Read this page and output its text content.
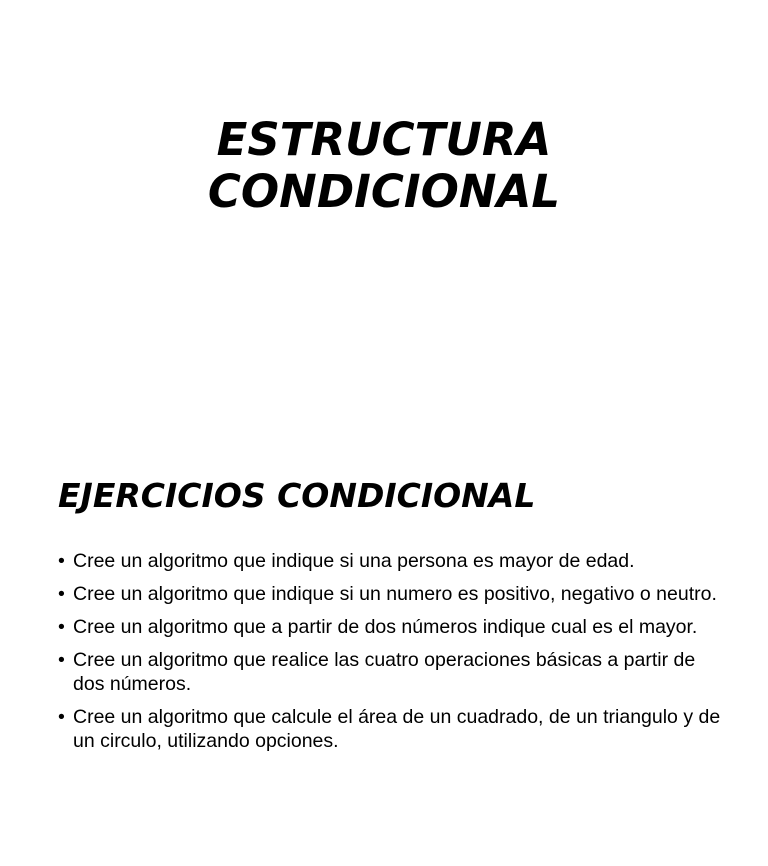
ESTRUCTURA
CONDICIONAL
EJERCICIOS CONDICIONAL
• Cree un algoritmo que indique si una persona es mayor de edad.
• Cree un algoritmo que indique si un numero es positivo, negativo o neutro.
• Cree un algoritmo que a partir de dos números indique cual es el mayor.
• Cree un algoritmo que realice las cuatro operaciones básicas a partir de dos números.
• Cree un algoritmo que calcule el área de un cuadrado, de un triangulo y de un circulo, utilizando opciones.
